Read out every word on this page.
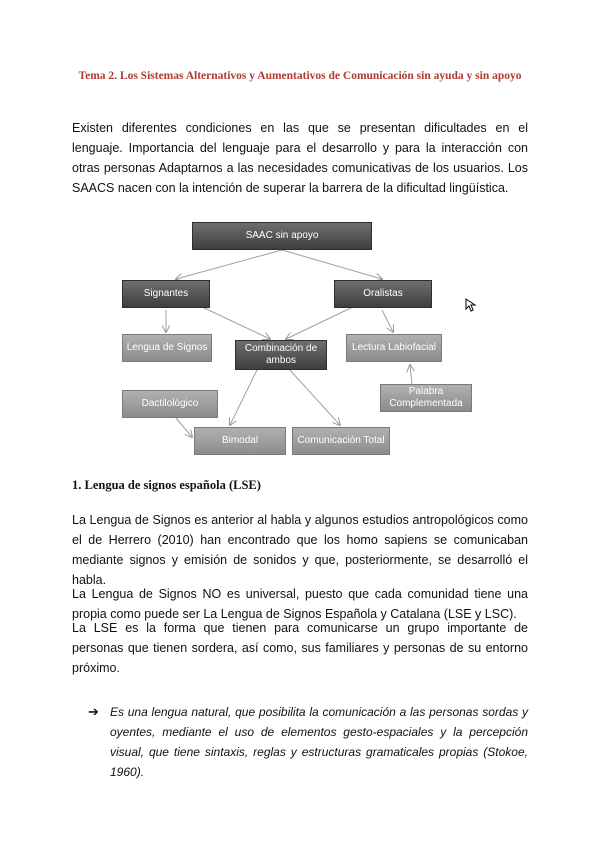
Tema 2. Los Sistemas Alternativos y Aumentativos de Comunicación sin ayuda y sin apoyo

Existen diferentes condiciones en las que se presentan dificultades en el lenguaje. Importancia del lenguaje para el desarrollo y para la interacción con otras personas Adaptarnos a las necesidades comunicativas de los usuarios. Los SAACS nacen con la intención de superar la barrera de la dificultad lingüística.

SAAC sin apoyo
Signantes	Oralistas
Lengua de Signos	Combinación de ambos
Lectura Labiofacial
Dactilológico
Palabra Complementada
Bimodal	Comunicación Total
1. Lengua de signos española (LSE)

La Lengua de Signos es anterior al habla y algunos estudios antropológicos como el de Herrero (2010) han encontrado que los homo sapiens se comunicaban mediante signos y emisión de sonidos y que, posteriormente, se desarrolló el habla.

La Lengua de Signos NO es universal, puesto que cada comunidad tiene una propia como puede ser La Lengua de Signos Española y Catalana (LSE y LSC).

La LSE es la forma que tienen para comunicarse un grupo importante de personas que tienen sordera, así como, sus familiares y personas de su entorno próximo.

➔ Es una lengua natural, que posibilita la comunicación a las personas sordas y oyentes, mediante el uso de elementos gesto-espaciales y la percepción visual, que tiene sintaxis, reglas y estructuras gramaticales propias (Stokoe, 1960).
